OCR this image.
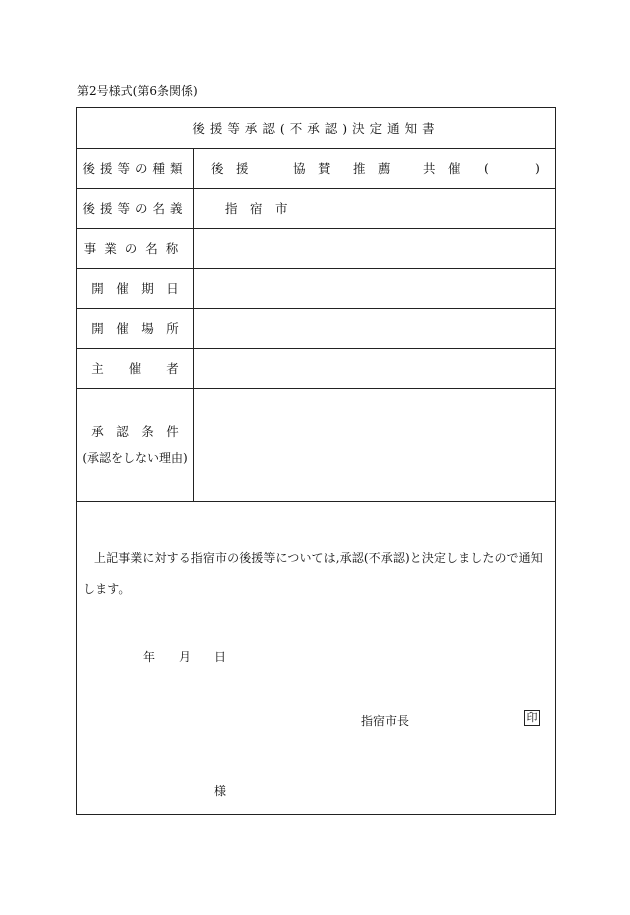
第2号様式(第6条関係)
後援等承認(不承認)決定通知書
後援等の種類	後　援	協　賛 推　薦	共　催 (	)
後援等の名義	指　宿　市
事業の名称
開　催　期　日
開　催　場　所
主　　催　　者
承　認　条　件
(承認をしない理由)
上記事業に対する指宿市の後援等については,承認(不承認)と決定しましたので通知します。
年 月 日
指宿市長	印
様
